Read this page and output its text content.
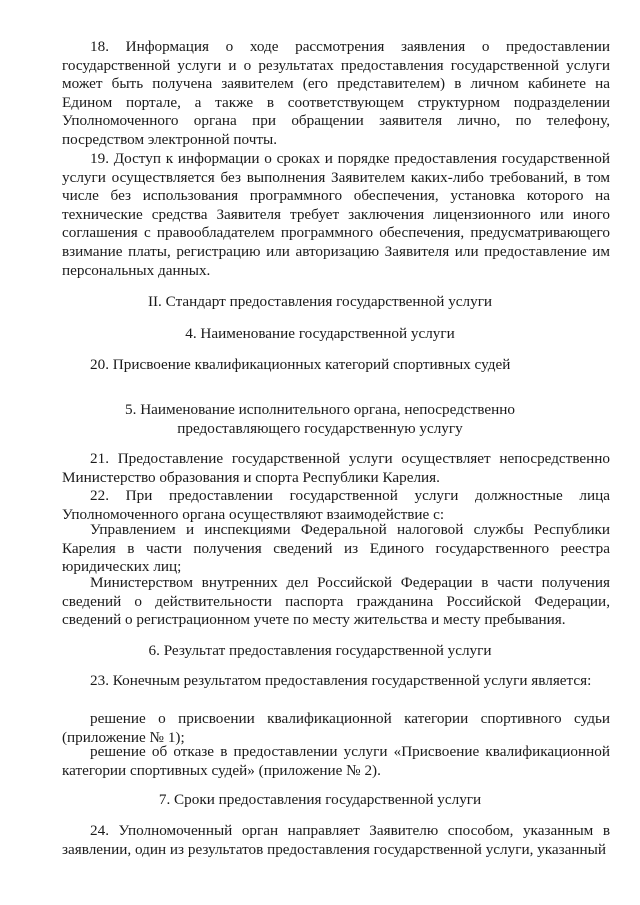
18. Информация о ходе рассмотрения заявления о предоставлении государственной услуги и о результатах предоставления государственной услуги может быть получена заявителем (его представителем) в личном кабинете на Едином портале, а также в соответствующем структурном подразделении Уполномоченного органа при обращении заявителя лично, по телефону, посредством электронной почты.

19. Доступ к информации о сроках и порядке предоставления государственной услуги осуществляется без выполнения Заявителем каких-либо требований, в том числе без использования программного обеспечения, установка которого на технические средства Заявителя требует заключения лицензионного или иного соглашения с правообладателем программного обеспечения, предусматривающего взимание платы, регистрацию или авторизацию Заявителя или предоставление им персональных данных.

II. Стандарт предоставления государственной услуги

4. Наименование государственной услуги

20. Присвоение квалификационных категорий спортивных судей

5. Наименование исполнительного органа, непосредственно

предоставляющего государственную услугу

21. Предоставление государственной услуги осуществляет непосредственно Министерство образования и спорта Республики Карелия.

22. При предоставлении государственной услуги должностные лица Уполномоченного органа осуществляют взаимодействие с:

Управлением и инспекциями Федеральной налоговой службы Республики Карелия в части получения сведений из Единого государственного реестра юридических лиц;

Министерством внутренних дел Российской Федерации в части получения сведений о действительности паспорта гражданина Российской Федерации, сведений о регистрационном учете по месту жительства и месту пребывания.

6. Результат предоставления государственной услуги

23. Конечным результатом предоставления государственной услуги является:

решение о присвоении квалификационной категории спортивного судьи (приложение № 1);

решение об отказе в предоставлении услуги «Присвоение квалификационной категории спортивных судей» (приложение № 2).

7. Сроки предоставления государственной услуги

24. Уполномоченный орган направляет Заявителю способом, указанным в заявлении, один из результатов предоставления государственной услуги, указанный
